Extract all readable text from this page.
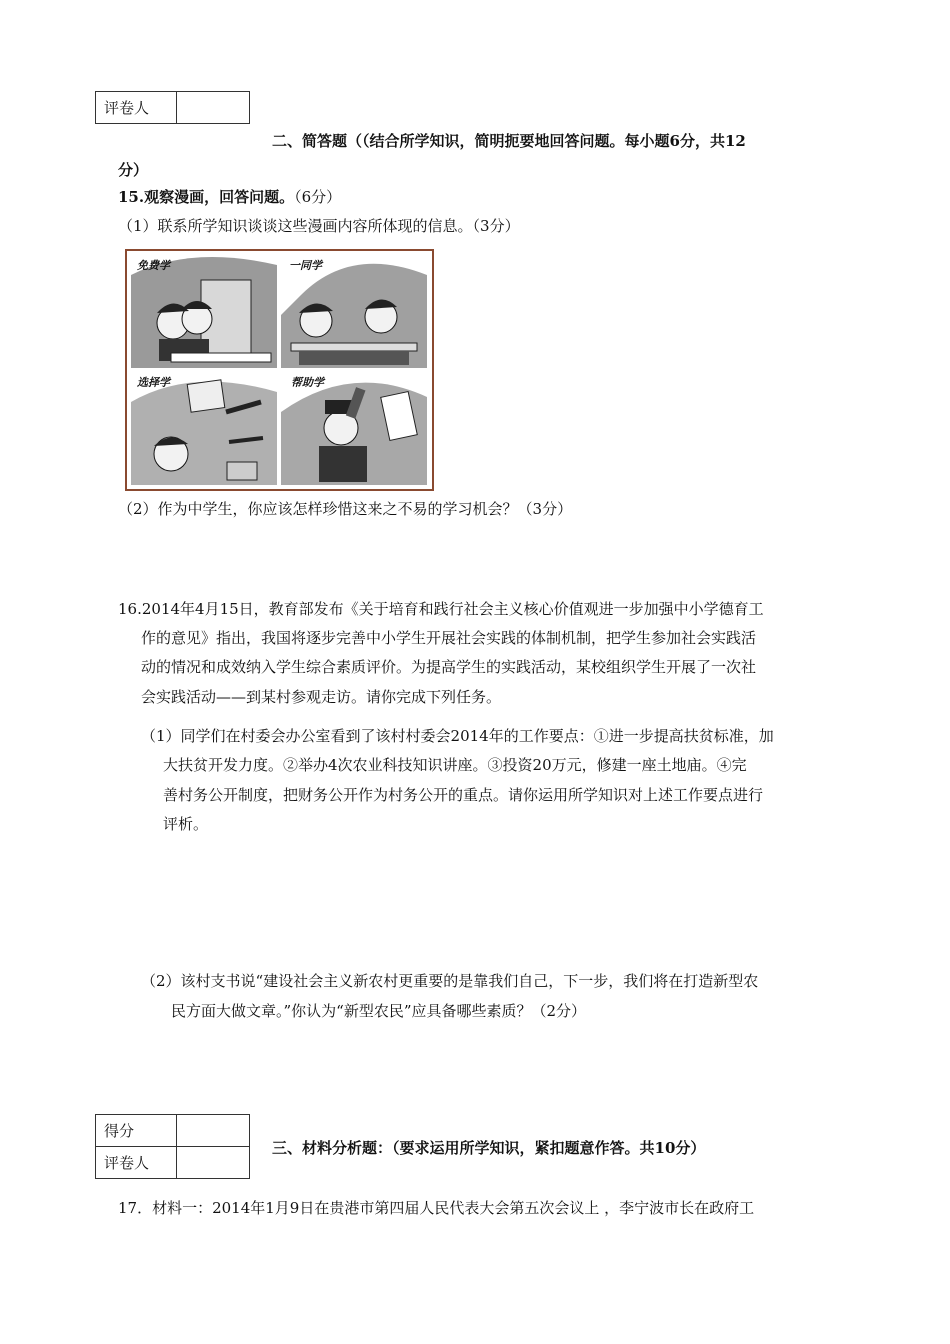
评卷人	
二、简答题（（结合所学知识，简明扼要地回答问题。每小题6分，共12
分）
15.观察漫画，回答问题。（6分）
（1）联系所学知识谈谈这些漫画内容所体现的信息。（3分）
免费学	一同学
选择学	帮助学
（2）作为中学生，你应该怎样珍惜这来之不易的学习机会？（3分）
16.2014年4月15日，教育部发布《关于培育和践行社会主义核心价值观进一步加强中小学德育工
作的意见》指出，我国将逐步完善中小学生开展社会实践的体制机制，把学生参加社会实践活
动的情况和成效纳入学生综合素质评价。为提高学生的实践活动，某校组织学生开展了一次社
会实践活动——到某村参观走访。请你完成下列任务。
（1）同学们在村委会办公室看到了该村村委会2014年的工作要点：①进一步提高扶贫标准，加
大扶贫开发力度。②举办4次农业科技知识讲座。③投资20万元，修建一座土地庙。④完
善村务公开制度，把财务公开作为村务公开的重点。请你运用所学知识对上述工作要点进行
评析。
（2）该村支书说“建设社会主义新农村更重要的是靠我们自己，下一步，我们将在打造新型农
民方面大做文章。”你认为“新型农民”应具备哪些素质？（2分）
得分	
评卷人	
三、材料分析题：（要求运用所学知识，紧扣题意作答。共10分）
17．材料一：2014年1月9日在贵港市第四届人民代表大会第五次会议上 ，李宁波市长在政府工
